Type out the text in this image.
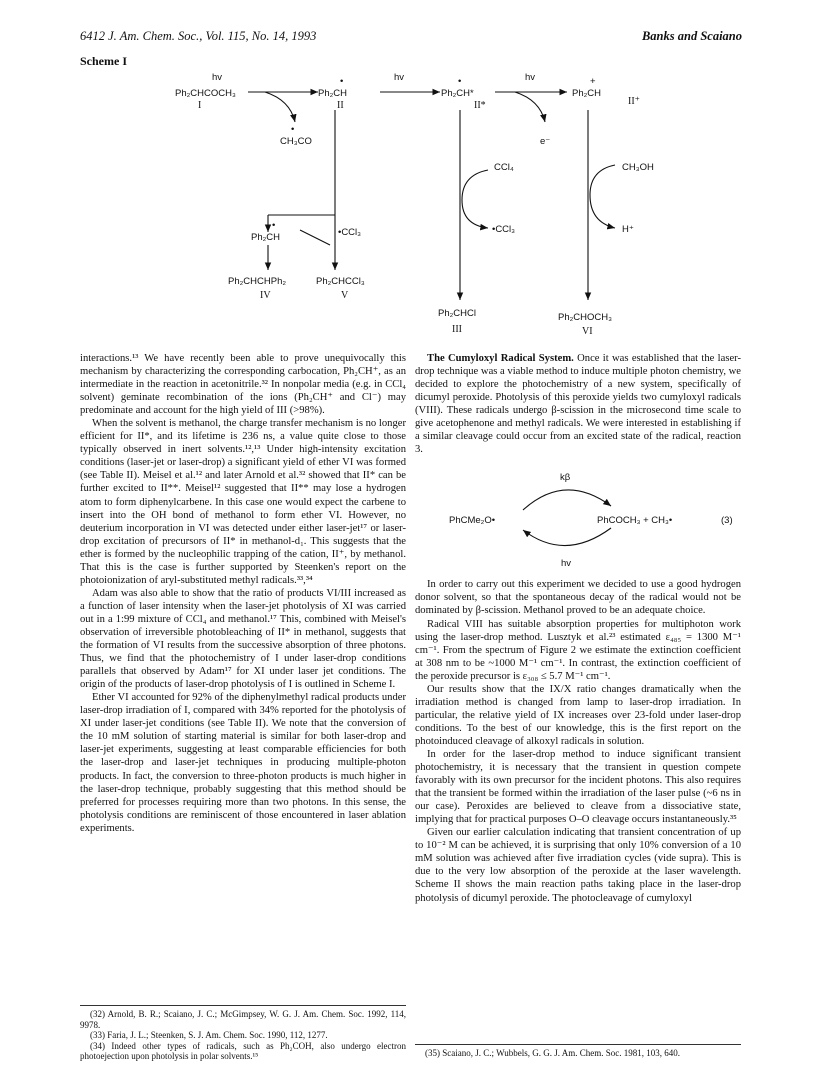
6412 J. Am. Chem. Soc., Vol. 115, No. 14, 1993	Banks and Scaiano
Scheme I
hv	hv	hv
Ph₂CHCOCH₃
I
Ph₂CH
•
II
CH₃CO
•
Ph₂CH*
•
II*
Ph₂CH
+
II⁺
e⁻
CCl₄
•CCl₃
CH₃OH
H⁺
Ph₂CH
•
•CCl₃
Ph₂CHCHPh₂
IV
Ph₂CHCCl₃
V
Ph₂CHCl
III
Ph₂CHOCH₃
VI

interactions.¹³ We have recently been able to prove unequivocally this mechanism by characterizing the corresponding carbocation, Ph₂CH⁺, as an intermediate in the reaction in acetonitrile.³² In nonpolar media (e.g. in CCl₄ solvent) geminate recombination of the ions (Ph₂CH⁺ and Cl⁻) may predominate and account for the high yield of III (>98%).

When the solvent is methanol, the charge transfer mechanism is no longer efficient for II*, and its lifetime is 236 ns, a value quite close to those typically observed in inert solvents.¹²,¹³ Under high-intensity excitation conditions (laser-jet or laser-drop) a significant yield of ether VI was formed (see Table II). Meisel et al.¹² and later Arnold et al.³² showed that II* can be further excited to II**. Meisel¹² suggested that II** may lose a hydrogen atom to form diphenylcarbene. In this case one would expect the carbene to insert into the OH bond of methanol to form ether VI. However, no deuterium incorporation in VI was detected under either laser-jet¹⁷ or laser-drop excitation of precursors of II* in methanol-d₁. This suggests that the ether is formed by the nucleophilic trapping of the cation, II⁺, by methanol. That this is the case is further supported by Steenken's report on the photoionization of aryl-substituted methyl radicals.³³,³⁴

Adam was also able to show that the ratio of products VI/III increased as a function of laser intensity when the laser-jet photolysis of XI was carried out in a 1:99 mixture of CCl₄ and methanol.¹⁷ This, combined with Meisel's observation of irreversible photobleaching of II* in methanol, suggests that the formation of VI results from the successive absorption of three photons. Thus, we find that the photochemistry of I under laser-drop conditions parallels that observed by Adam¹⁷ for XI under laser jet conditions. The origin of the products of laser-drop photolysis of I is outlined in Scheme I.

Ether VI accounted for 92% of the diphenylmethyl radical products under laser-drop irradiation of I, compared with 34% reported for the photolysis of XI under laser-jet conditions (see Table II). We note that the conversion of the 10 mM solution of starting material is similar for both laser-drop and laser-jet experiments, suggesting at least comparable efficiencies for both the laser-drop and laser-jet techniques in producing multiple-photon products. In fact, the conversion to three-photon products is much higher in the laser-drop technique, probably suggesting that this method should be preferred for processes requiring more than two photons. In this sense, the photolysis conditions are reminiscent of those encountered in laser ablation experiments.

The Cumyloxyl Radical System. Once it was established that the laser-drop technique was a viable method to induce multiple photon chemistry, we decided to explore the photochemistry of a new system, specifically of dicumyl peroxide. Photolysis of this peroxide yields two cumyloxyl radicals (VIII). These radicals undergo β-scission in the microsecond time scale to give acetophenone and methyl radicals. We were interested in establishing if a similar cleavage could occur from an excited state of the radical, reaction 3.

kβ
PhCMe₂O•	PhCOCH₃ + CH₃•
hv
(3)

In order to carry out this experiment we decided to use a good hydrogen donor solvent, so that the spontaneous decay of the radical would not be dominated by β-scission. Methanol proved to be an adequate choice.

Radical VIII has suitable absorption properties for multiphoton work using the laser-drop method. Lusztyk et al.²³ estimated ε₄₈₅ = 1300 M⁻¹ cm⁻¹. From the spectrum of Figure 2 we estimate the extinction coefficient at 308 nm to be ~1000 M⁻¹ cm⁻¹. In contrast, the extinction coefficient of the peroxide precursor is ε₃₀₈ ≤ 5.7 M⁻¹ cm⁻¹.

Our results show that the IX/X ratio changes dramatically when the irradiation method is changed from lamp to laser-drop irradiation. In particular, the relative yield of IX increases over 23-fold under laser-drop conditions. To the best of our knowledge, this is the first report on the photoinduced cleavage of alkoxyl radicals in solution.

In order for the laser-drop method to induce significant transient photochemistry, it is necessary that the transient in question compete favorably with its own precursor for the incident photons. This also requires that the transient be formed within the irradiation of the laser pulse (~6 ns in our case). Peroxides are believed to cleave from a dissociative state, implying that for practical purposes O–O cleavage occurs instantaneously.³⁵

Given our earlier calculation indicating that transient concentration of up to 10⁻² M can be achieved, it is surprising that only 10% conversion of a 10 mM solution was achieved after five irradiation cycles (vide supra). This is due to the very low absorption of the peroxide at the laser wavelength. Scheme II shows the main reaction paths taking place in the laser-drop photolysis of dicumyl peroxide. The photocleavage of cumyloxyl

(32) Arnold, B. R.; Scaiano, J. C.; McGimpsey, W. G. J. Am. Chem. Soc. 1992, 114, 9978.

(33) Faria, J. L.; Steenken, S. J. Am. Chem. Soc. 1990, 112, 1277.

(34) Indeed other types of radicals, such as Ph₂COH, also undergo electron photoejection upon photolysis in polar solvents.¹⁵	(35) Scaiano, J. C.; Wubbels, G. G. J. Am. Chem. Soc. 1981, 103, 640.
